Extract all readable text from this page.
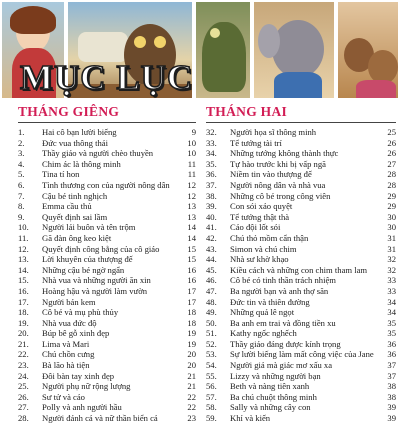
MỤC LỤC
THÁNG GIÊNG
1.	Hai cô bạn lười biếng	9
2.	Đức vua thông thái	10
3.	Thầy giáo và người chèo thuyền	10
4.	Chim ác là thông minh	11
5.	Tina tí hon	11
6.	Tình thương con của người nông dân	12
7.	Cậu bé tinh nghịch	12
8.	Emma cầu thủ	13
9.	Quyết định sai lầm	13
10.	Người lái buôn và tên trộm	14
11.	Gã đàn ông keo kiệt	14
12.	Quyết định công bằng của cô giáo	15
13.	Lời khuyên của thượng đế	15
14.	Những cậu bé ngờ ngẩn	16
15.	Nhà vua và những người ăn xin	16
16.	Hoàng hậu và người làm vườn	17
17.	Người bán kem	17
18.	Cô bé và mụ phù thủy	18
19.	Nhà vua đức độ	18
20.	Búp bê gỗ xinh đẹp	19
21.	Lima và Mari	19
22.	Chú chồn cưng	20
23.	Bà lão hà tiện	20
24.	Đôi bàn tay xinh đẹp	21
25.	Người phụ nữ rộng lượng	21
26.	Sư tử và cáo	22
27.	Polly và anh người hầu	22
28.	Người đánh cá và nữ thần biển cả	23
THÁNG HAI
32.	Người họa sĩ thông minh	25
33.	Tể tướng tài trí	26
34.	Những tướng không thành thực	26
35.	Tự hào trước khi bị vấp ngã	27
36.	Niềm tin vào thượng đế	28
37.	Người nông dân và nhà vua	28
38.	Những cô bé trong công viên	29
39.	Con sói xảo quyệt	29
40.	Tể tướng thật thà	30
41.	Cáo đội lốt sói	30
42.	Chú thỏ mồm cẩn thận	31
43.	Simon và chú chim	31
44.	Nhà sư khờ khạo	32
45.	Kiều cách và những con chim tham lam	32
46.	Cô bé có tinh thần trách nhiệm	33
47.	Ba người bạn và anh thợ săn	33
48.	Đức tin và thiên đường	34
49.	Những quả lê ngọt	34
50.	Ba anh em trai và đồng tiền xu	35
51.	Kathy ngốc nghếch	35
52.	Thầy giáo đáng được kính trọng	36
53.	Sự lười biếng làm mất công việc của Jane	36
54.	Người giả mà giác mơ xấu xa	37
55.	Lizzy và những người bạn	37
56.	Beth và nàng tiên xanh	38
57.	Ba chú chuột thông minh	38
58.	Sally và những cây con	39
59.	Khỉ và kiến	39
